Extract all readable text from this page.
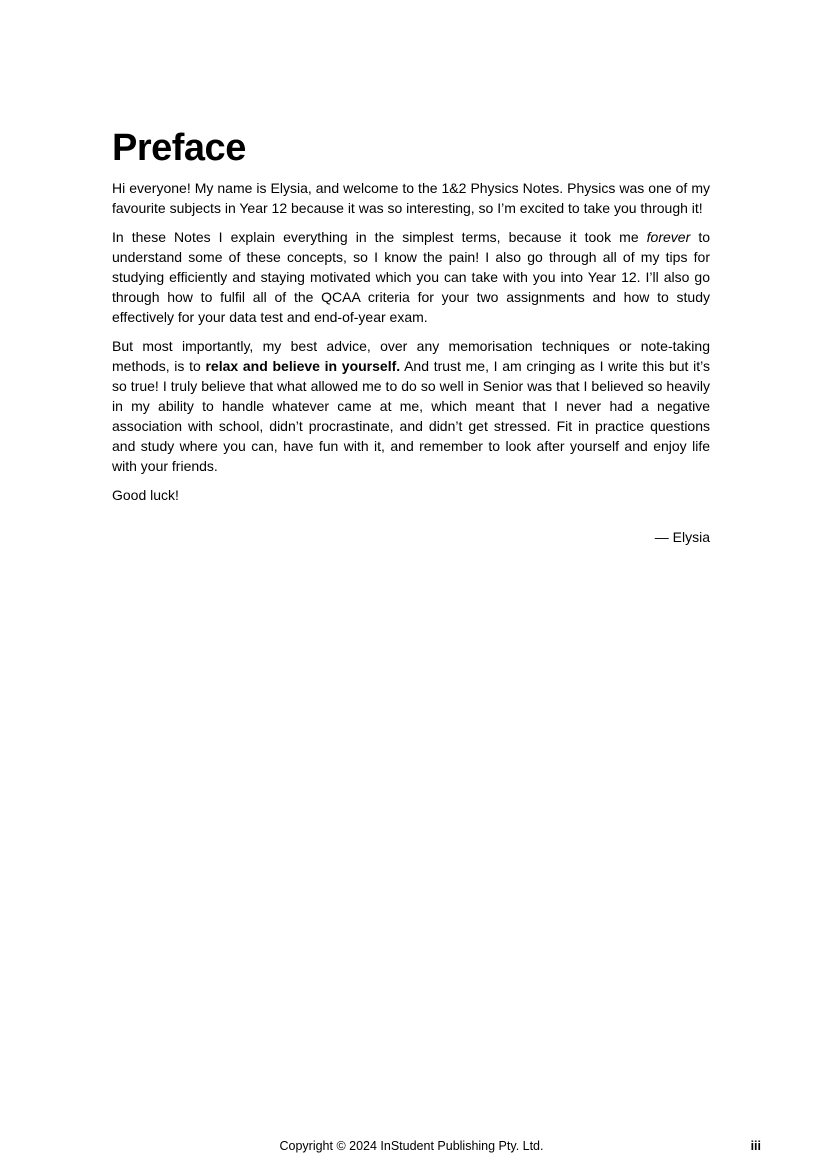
Preface

Hi everyone! My name is Elysia, and welcome to the 1&2 Physics Notes. Physics was one of my favourite subjects in Year 12 because it was so interesting, so I’m excited to take you through it!

In these Notes I explain everything in the simplest terms, because it took me forever to understand some of these concepts, so I know the pain! I also go through all of my tips for studying efficiently and staying motivated which you can take with you into Year 12. I’ll also go through how to fulfil all of the QCAA criteria for your two assignments and how to study effectively for your data test and end-of-year exam.

But most importantly, my best advice, over any memorisation techniques or note-taking methods, is to relax and believe in yourself. And trust me, I am cringing as I write this but it’s so true! I truly believe that what allowed me to do so well in Senior was that I believed so heavily in my ability to handle whatever came at me, which meant that I never had a negative association with school, didn’t procrastinate, and didn’t get stressed. Fit in practice questions and study where you can, have fun with it, and remember to look after yourself and enjoy life with your friends.

Good luck!

— Elysia

Copyright © 2024 InStudent Publishing Pty. Ltd.	iii
